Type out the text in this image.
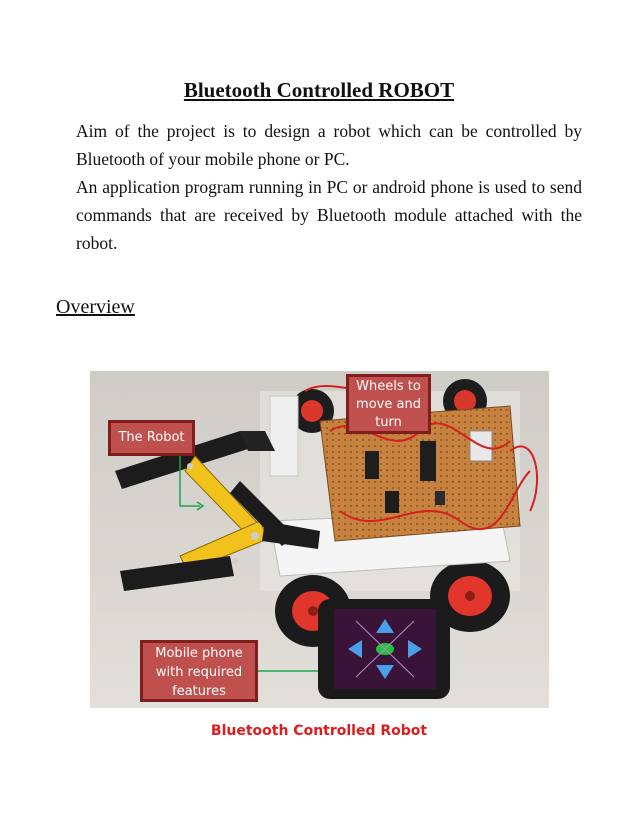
Bluetooth Controlled ROBOT

Aim of the project is to design a robot which can be controlled by Bluetooth of your mobile phone or PC.

An application program running in PC or android phone is used to send commands that are received by Bluetooth module attached with the robot.

Overview
The Robot
Wheels to move and turn
Mobile phone with required features
Bluetooth Controlled Robot
